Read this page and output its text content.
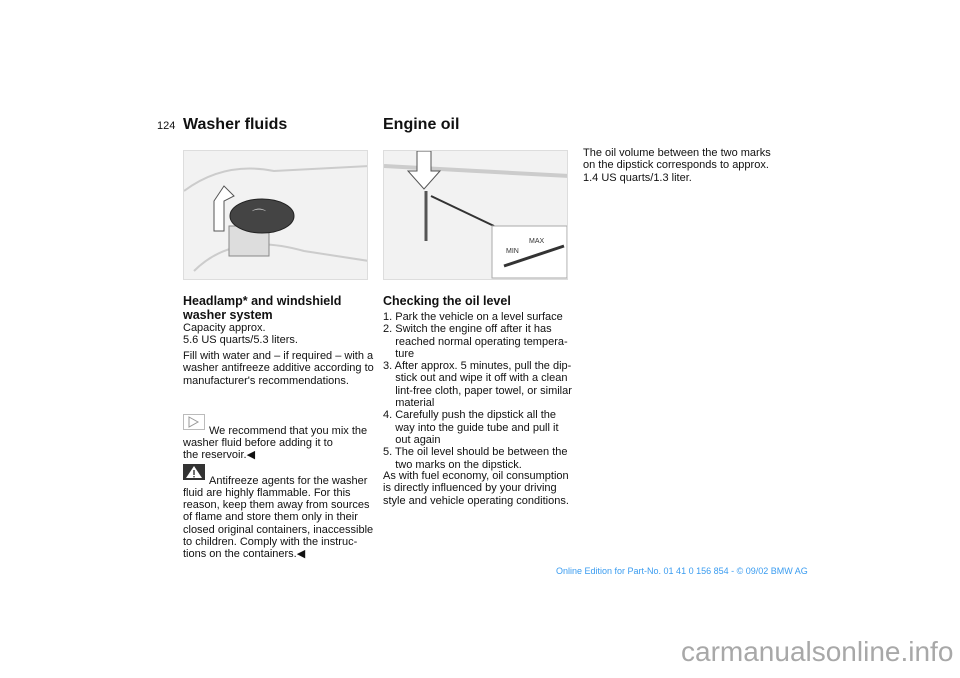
124 Washer fluids	Engine oil
⌒
MIN
MAX
Headlamp* and windshield
washer system
Capacity approx.
5.6 US quarts/5.3 liters.
Fill with water and – if required – with a
washer antifreeze additive according to
manufacturer's recommendations.

We recommend that you mix the
washer fluid before adding it to
the reservoir.◀

Antifreeze agents for the washer
fluid are highly flammable. For this
reason, keep them away from sources
of flame and store them only in their
closed original containers, inaccessible
to children. Comply with the instruc-
tions on the containers.◀
Checking the oil level
1. Park the vehicle on a level surface
2. Switch the engine off after it has
reached normal operating tempera-
ture
3. After approx. 5 minutes, pull the dip-
stick out and wipe it off with a clean
lint-free cloth, paper towel, or similar
material
4. Carefully push the dipstick all the
way into the guide tube and pull it
out again
5. The oil level should be between the
two marks on the dipstick.
As with fuel economy, oil consumption
is directly influenced by your driving
style and vehicle operating conditions.
The oil volume between the two marks
on the dipstick corresponds to approx.
1.4 US quarts/1.3 liter.
Online Edition for Part-No. 01 41 0 156 854 - © 09/02 BMW AG
carmanualsonline.info
